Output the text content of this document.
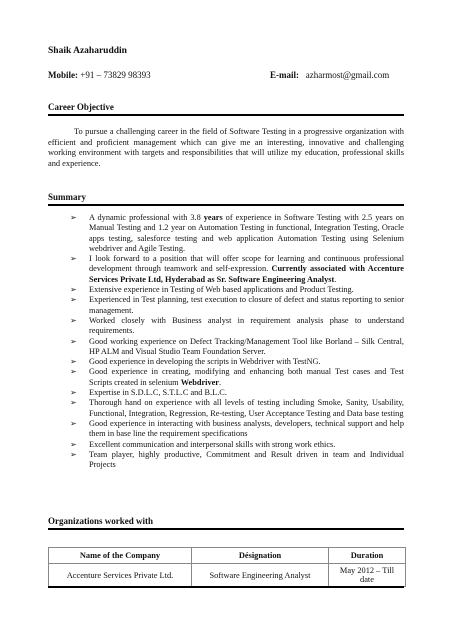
Shaik Azaharuddin
Mobile: +91 – 73829 98393	E-mail: azharmost@gmail.com
Career Objective

To pursue a challenging career in the field of Software Testing in a progressive organization with efficient and proficient management which can give me an interesting, innovative and challenging working environment with targets and responsibilities that will utilize my education, professional skills and experience.

Summary
➢ A dynamic professional with 3.8 years of experience in Software Testing with 2.5 years on Manual Testing and 1.2 year on Automation Testing in functional, Integration Testing, Oracle apps testing, salesforce testing and web application Automation Testing using Selenium webdriver and Agile Testing.
➢ I look forward to a position that will offer scope for learning and continuous professional development through teamwork and self-expression. Currently associated with Accenture Services Private Ltd, Hyderabad as Sr. Software Engineering Analyst.
➢ Extensive experience in Testing of Web based applications and Product Testing.
➢ Experienced in Test planning, test execution to closure of defect and status reporting to senior management.
➢ Worked closely with Business analyst in requirement analysis phase to understand requirements.
➢ Good working experience on Defect Tracking/Management Tool like Borland – Silk Central, HP ALM and Visual Studio Team Foundation Server.
➢ Good experience in developing the scripts in Webdriver with TestNG.
➢ Good experience in creating, modifying and enhancing both manual Test cases and Test Scripts created in selenium Webdriver.
➢ Expertise in S.D.L.C, S.T.L.C and B.L.C.
➢ Thorough hand on experience with all levels of testing including Smoke, Sanity, Usability, Functional, Integration, Regression, Re-testing, User Acceptance Testing and Data base testing
➢ Good experience in interacting with business analysts, developers, technical support and help them in base line the requirement specifications
➢ Excellent communication and interpersonal skills with strong work ethics.
➢ Team player, highly productive, Commitment and Result driven in team and Individual Projects
Organizations worked with
Name of the Company	Désignation	Duration
Accenture Services Private Ltd.	Software Engineering Analyst	May 2012 – Till date
